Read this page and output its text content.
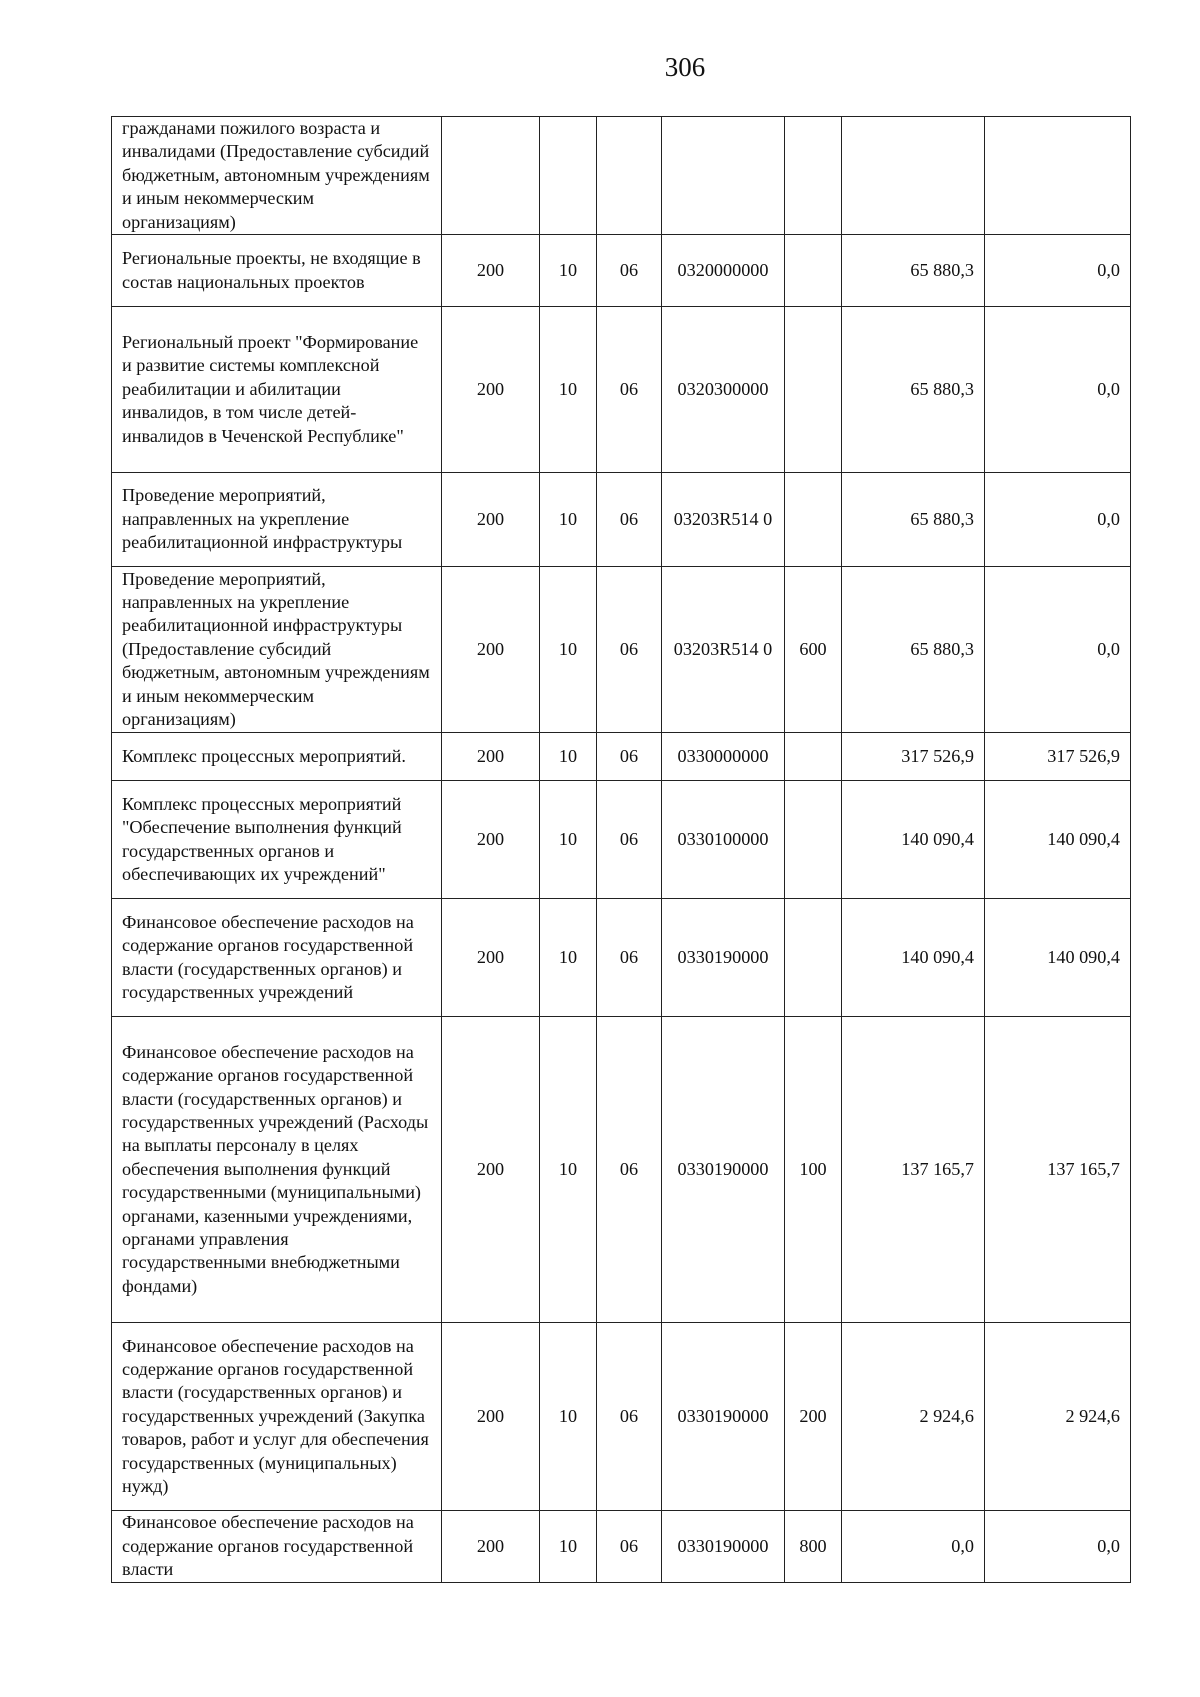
306
гражданами пожилого возраста и инвалидами (Предоставление субсидий бюджетным, автономным учреждениям и иным некоммерческим организациям)							
Региональные проекты, не входящие в состав национальных проектов	200	10	06	0320000000		65 880,3	0,0
Региональный проект "Формирование и развитие системы комплексной реабилитации и абилитации инвалидов, в том числе детей-инвалидов в Чеченской Республике"	200	10	06	0320300000		65 880,3	0,0
Проведение мероприятий, направленных на укрепление реабилитационной инфраструктуры	200	10	06	03203R514 0		65 880,3	0,0
Проведение мероприятий, направленных на укрепление реабилитационной инфраструктуры (Предоставление субсидий бюджетным, автономным учреждениям и иным некоммерческим организациям)	200	10	06	03203R514 0	600	65 880,3	0,0
Комплекс процессных мероприятий.	200	10	06	0330000000		317 526,9	317 526,9
Комплекс процессных мероприятий "Обеспечение выполнения функций государственных органов и обеспечивающих их учреждений"	200	10	06	0330100000		140 090,4	140 090,4
Финансовое обеспечение расходов на содержание органов государственной власти (государственных органов) и государственных учреждений	200	10	06	0330190000		140 090,4	140 090,4
Финансовое обеспечение расходов на содержание органов государственной власти (государственных органов) и государственных учреждений (Расходы на выплаты персоналу в целях обеспечения выполнения функций государственными (муниципальными) органами, казенными учреждениями, органами управления государственными внебюджетными фондами)	200	10	06	0330190000	100	137 165,7	137 165,7
Финансовое обеспечение расходов на содержание органов государственной власти (государственных органов) и государственных учреждений (Закупка товаров, работ и услуг для обеспечения государственных (муниципальных) нужд)	200	10	06	0330190000	200	2 924,6	2 924,6
Финансовое обеспечение расходов на содержание органов государственной власти	200	10	06	0330190000	800	0,0	0,0
